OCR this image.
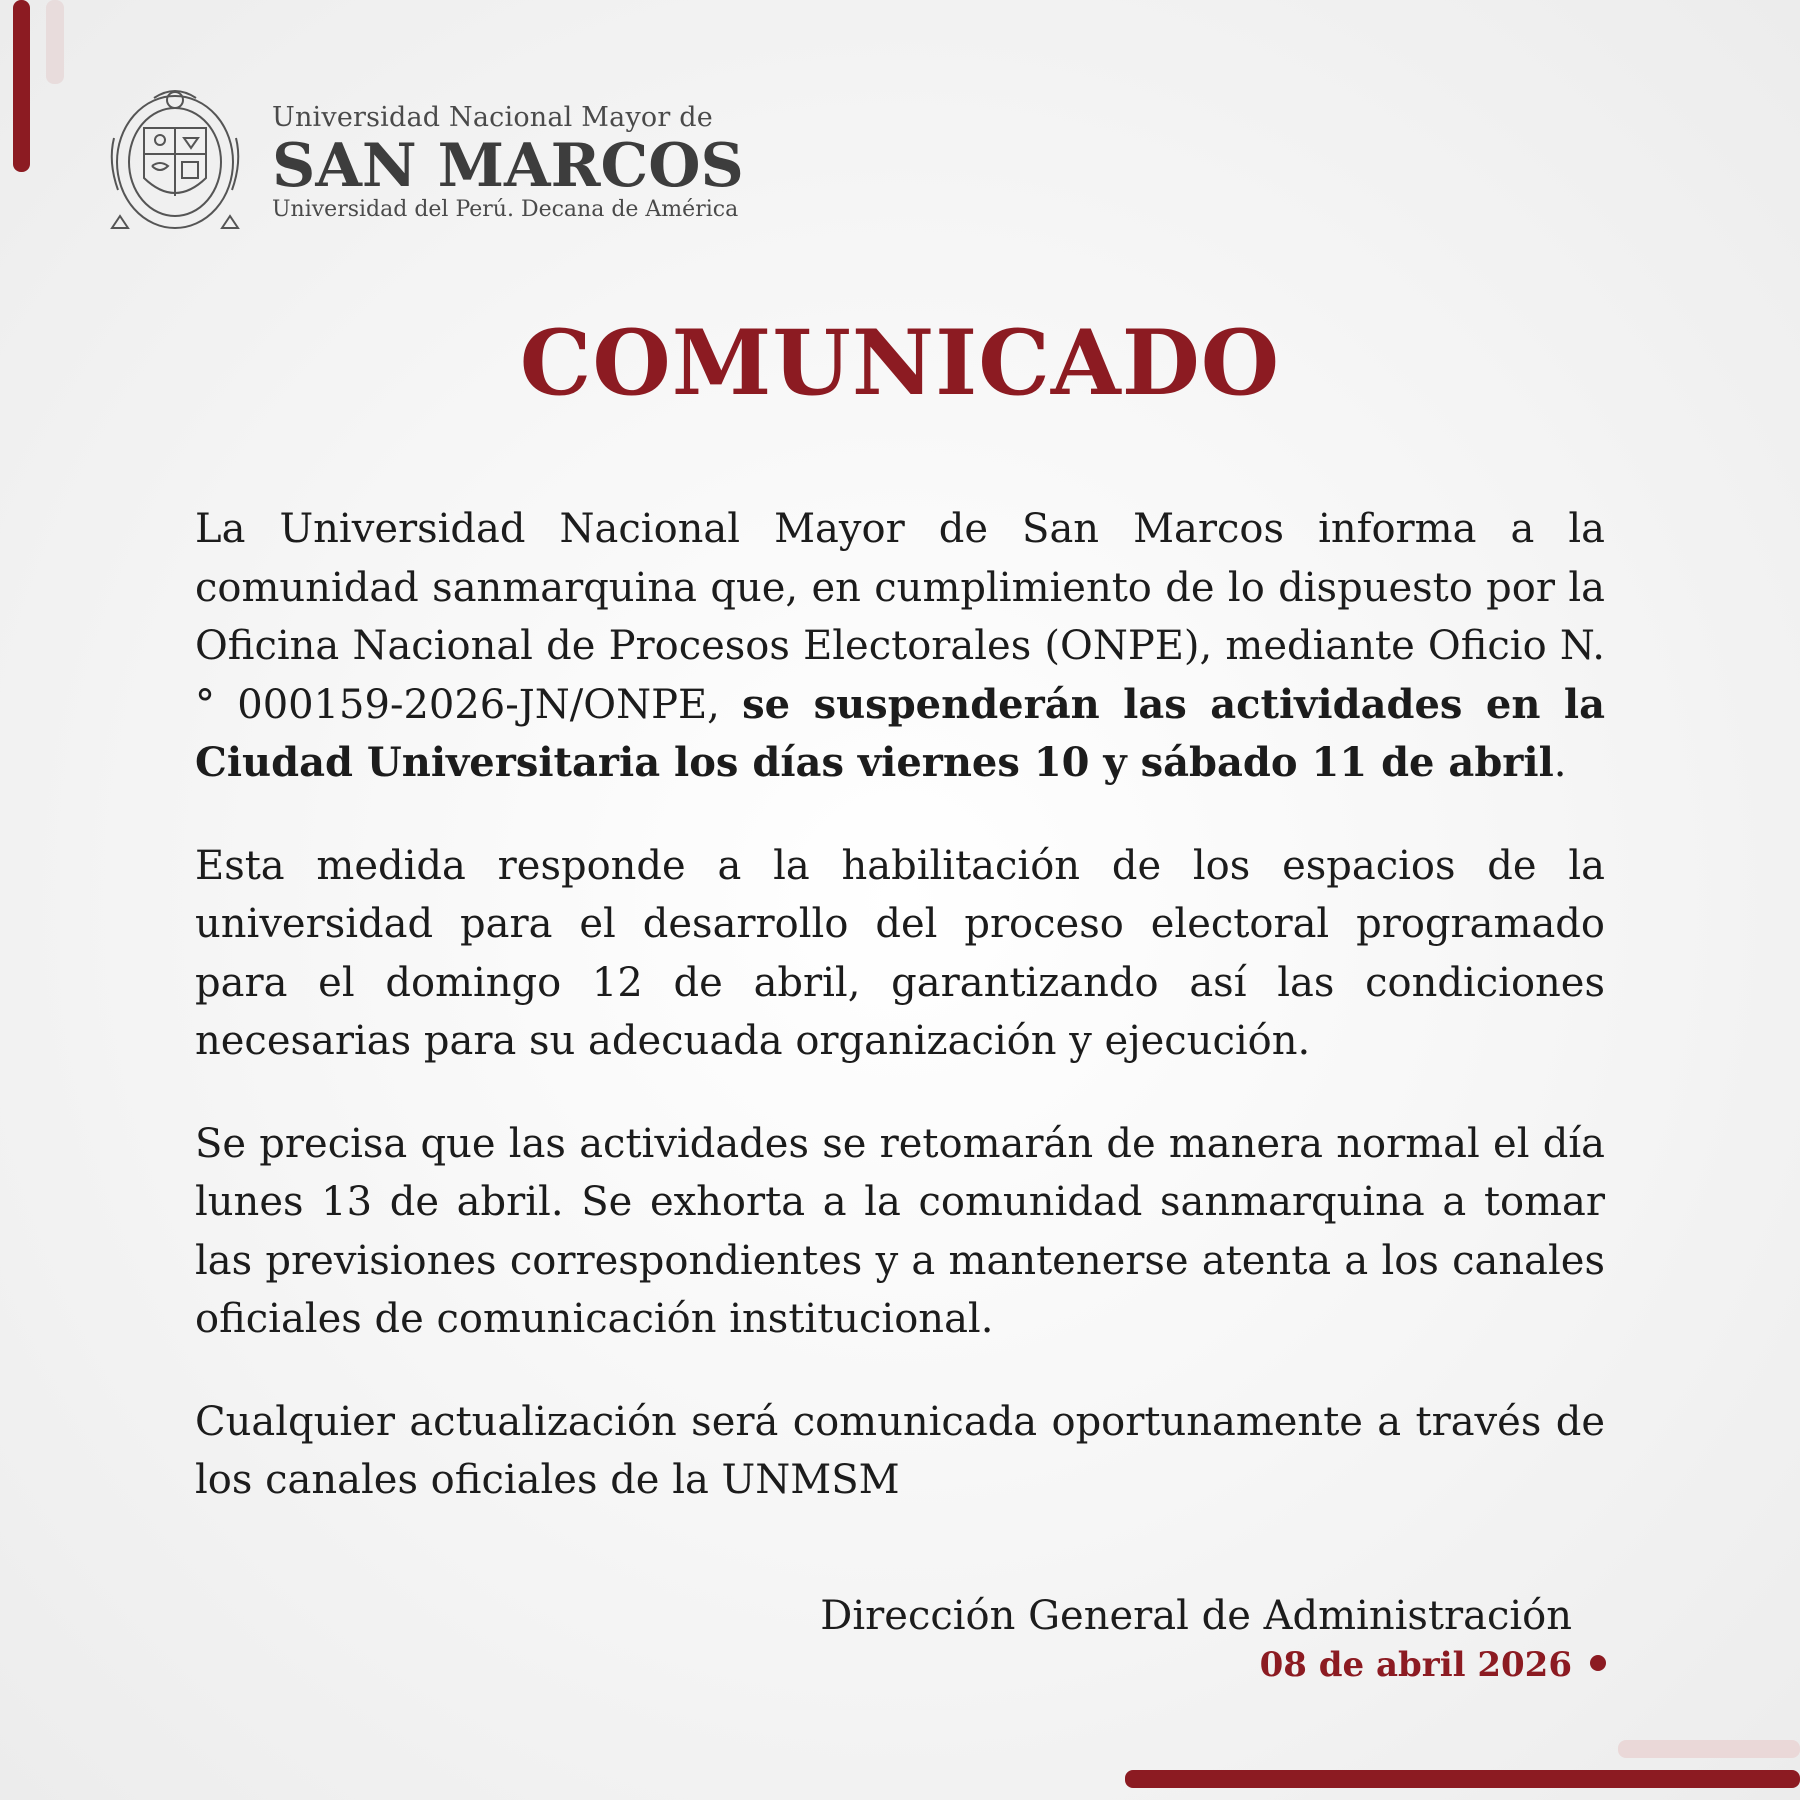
Universidad Nacional Mayor de
SAN MARCOS
Universidad del Perú. Decana de América
COMUNICADO

La Universidad Nacional Mayor de San Marcos informa a la comunidad sanmarquina que, en cumplimiento de lo dispuesto por la Oficina Nacional de Procesos Electorales (ONPE), mediante Oficio N.° 000159-2026-JN/ONPE, se suspenderán las actividades en la Ciudad Universitaria los días viernes 10 y sábado 11 de abril.

Esta medida responde a la habilitación de los espacios de la universidad para el desarrollo del proceso electoral programado para el domingo 12 de abril, garantizando así las condiciones necesarias para su adecuada organización y ejecución.

Se precisa que las actividades se retomarán de manera normal el día lunes 13 de abril. Se exhorta a la comunidad sanmarquina a tomar las previsiones correspondientes y a mantenerse atenta a los canales oficiales de comunicación institucional.

Cualquier actualización será comunicada oportunamente a través de los canales oficiales de la UNMSM

Dirección General de Administración
08 de abril 2026
